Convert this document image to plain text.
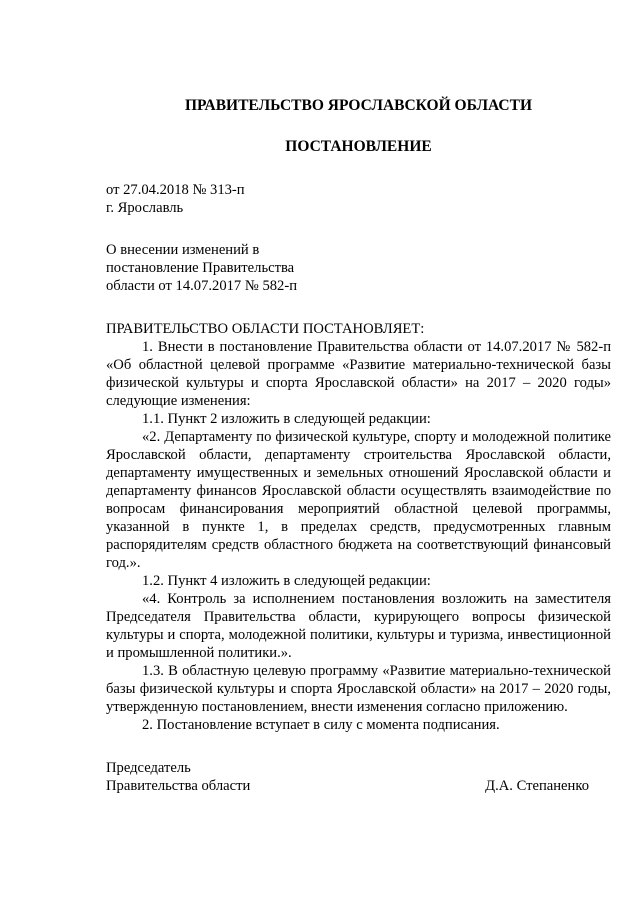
ПРАВИТЕЛЬСТВО ЯРОСЛАВСКОЙ ОБЛАСТИ
ПОСТАНОВЛЕНИЕ
от 27.04.2018 № 313-п
г. Ярославль
О внесении изменений в
постановление Правительства
области от 14.07.2017 № 582-п
ПРАВИТЕЛЬСТВО ОБЛАСТИ ПОСТАНОВЛЯЕТ:

1. Внести в постановление Правительства области от 14.07.2017 № 582-п «Об областной целевой программе «Развитие материально-технической базы физической культуры и спорта Ярославской области» на 2017 – 2020 годы» следующие изменения:

1.1. Пункт 2 изложить в следующей редакции:

«2. Департаменту по физической культуре, спорту и молодежной политике Ярославской области, департаменту строительства Ярославской области, департаменту имущественных и земельных отношений Ярославской области и департаменту финансов Ярославской области осуществлять взаимодействие по вопросам финансирования мероприятий областной целевой программы, указанной в пункте 1, в пределах средств, предусмотренных главным распорядителям средств областного бюджета на соответствующий финансовый год.».

1.2. Пункт 4 изложить в следующей редакции:

«4. Контроль за исполнением постановления возложить на заместителя Председателя Правительства области, курирующего вопросы физической культуры и спорта, молодежной политики, культуры и туризма, инвестиционной и промышленной политики.».

1.3. В областную целевую программу «Развитие материально-технической базы физической культуры и спорта Ярославской области» на 2017 – 2020 годы, утвержденную постановлением, внести изменения согласно приложению.

2. Постановление вступает в силу с момента подписания.

Председатель
Правительства области	Д.А. Степаненко
